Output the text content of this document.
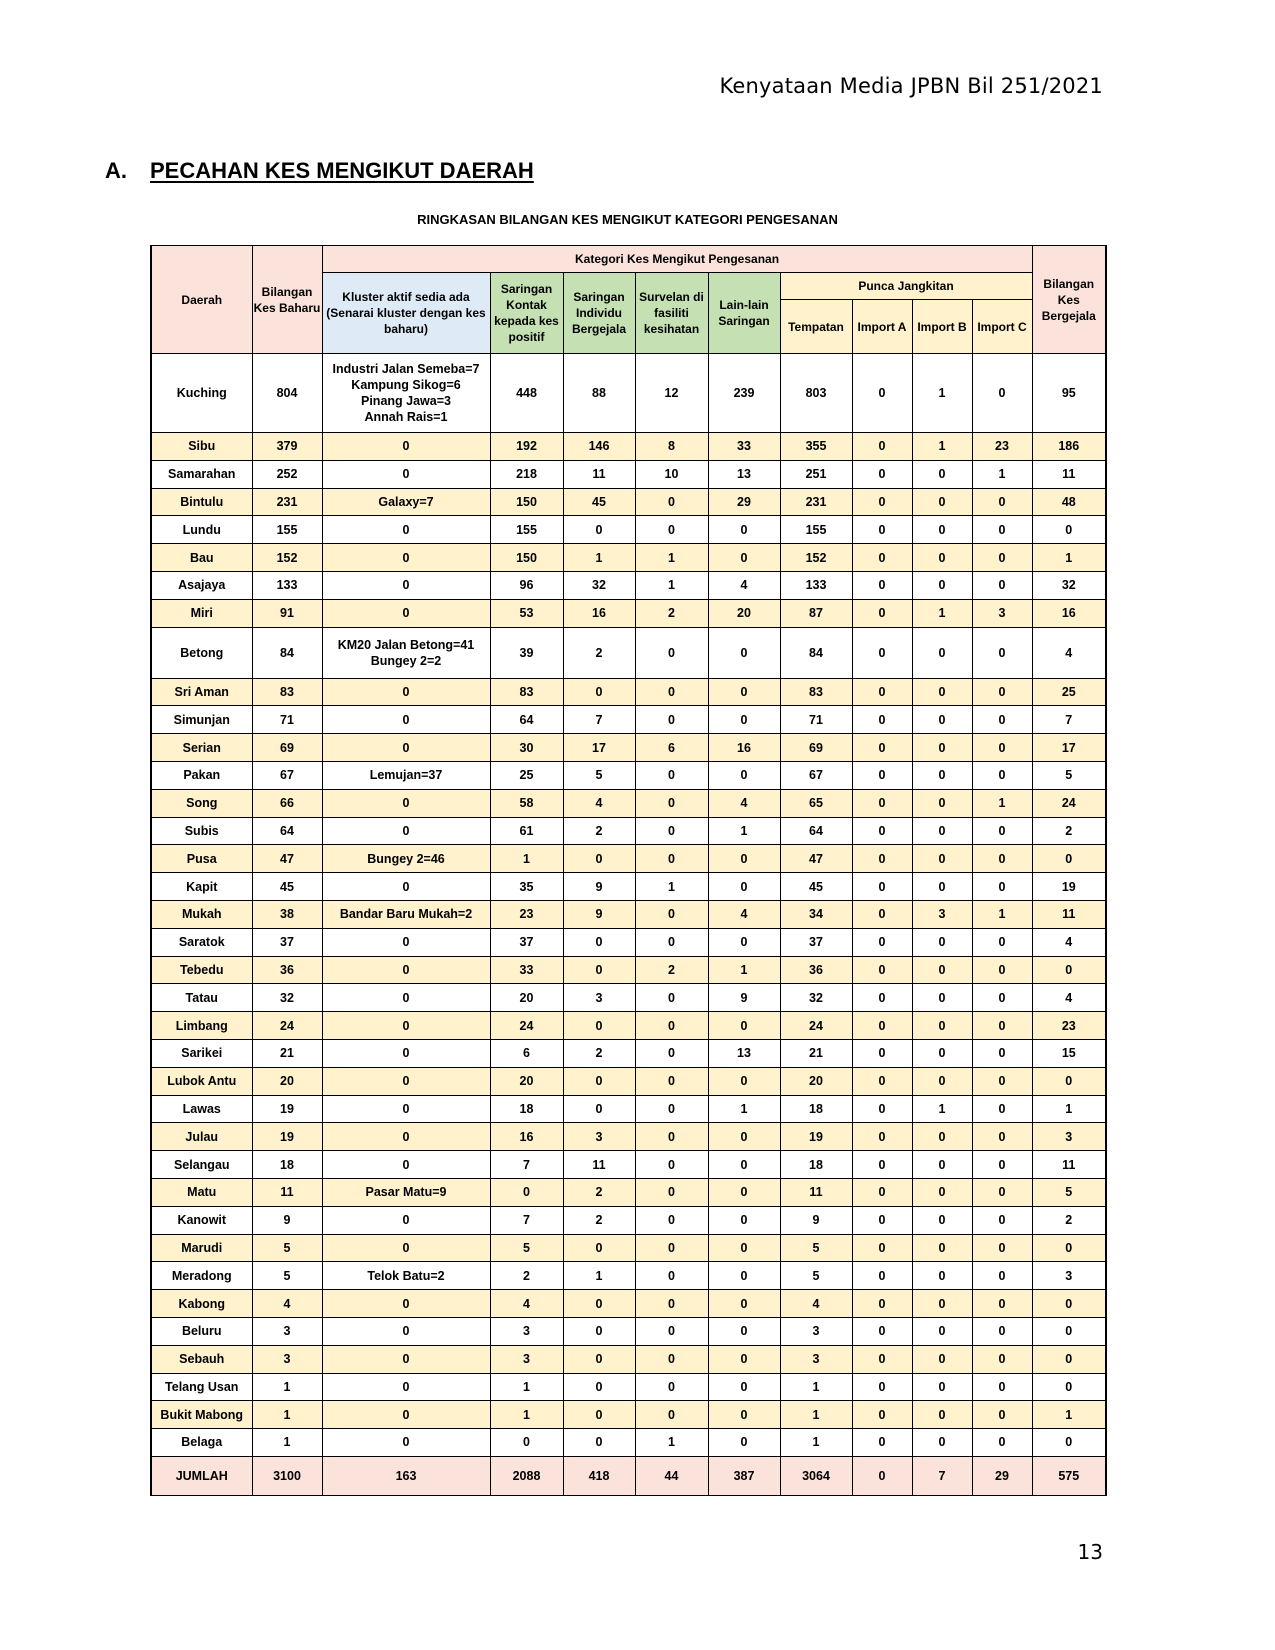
Kenyataan Media JPBN Bil 251/2021
A. PECAHAN KES MENGIKUT DAERAH
RINGKASAN BILANGAN KES MENGIKUT KATEGORI PENGESANAN
Daerah	Bilangan Kes Baharu	Kategori Kes Mengikut Pengesanan									Bilangan Kes Bergejala
		Kluster aktif sedia ada (Senarai kluster dengan kes baharu)	Saringan Kontak kepada kes positif	Saringan Individu Bergejala	Survelan di fasiliti kesihatan	Lain-lain Saringan	Punca Jangkitan				
							Tempatan	Import A	Import B	Import C	
Kuching	804	Industri Jalan Semeba=7
Kampung Sikog=6
Pinang Jawa=3
Annah Rais=1	448	88	12	239	803	0	1	0	95
Sibu	379	0	192	146	8	33	355	0	1	23	186
Samarahan	252	0	218	11	10	13	251	0	0	1	11
Bintulu	231	Galaxy=7	150	45	0	29	231	0	0	0	48
Lundu	155	0	155	0	0	0	155	0	0	0	0
Bau	152	0	150	1	1	0	152	0	0	0	1
Asajaya	133	0	96	32	1	4	133	0	0	0	32
Miri	91	0	53	16	2	20	87	0	1	3	16
Betong	84	KM20 Jalan Betong=41
Bungey 2=2	39	2	0	0	84	0	0	0	4
Sri Aman	83	0	83	0	0	0	83	0	0	0	25
Simunjan	71	0	64	7	0	0	71	0	0	0	7
Serian	69	0	30	17	6	16	69	0	0	0	17
Pakan	67	Lemujan=37	25	5	0	0	67	0	0	0	5
Song	66	0	58	4	0	4	65	0	0	1	24
Subis	64	0	61	2	0	1	64	0	0	0	2
Pusa	47	Bungey 2=46	1	0	0	0	47	0	0	0	0
Kapit	45	0	35	9	1	0	45	0	0	0	19
Mukah	38	Bandar Baru Mukah=2	23	9	0	4	34	0	3	1	11
Saratok	37	0	37	0	0	0	37	0	0	0	4
Tebedu	36	0	33	0	2	1	36	0	0	0	0
Tatau	32	0	20	3	0	9	32	0	0	0	4
Limbang	24	0	24	0	0	0	24	0	0	0	23
Sarikei	21	0	6	2	0	13	21	0	0	0	15
Lubok Antu	20	0	20	0	0	0	20	0	0	0	0
Lawas	19	0	18	0	0	1	18	0	1	0	1
Julau	19	0	16	3	0	0	19	0	0	0	3
Selangau	18	0	7	11	0	0	18	0	0	0	11
Matu	11	Pasar Matu=9	0	2	0	0	11	0	0	0	5
Kanowit	9	0	7	2	0	0	9	0	0	0	2
Marudi	5	0	5	0	0	0	5	0	0	0	0
Meradong	5	Telok Batu=2	2	1	0	0	5	0	0	0	3
Kabong	4	0	4	0	0	0	4	0	0	0	0
Beluru	3	0	3	0	0	0	3	0	0	0	0
Sebauh	3	0	3	0	0	0	3	0	0	0	0
Telang Usan	1	0	1	0	0	0	1	0	0	0	0
Bukit Mabong	1	0	1	0	0	0	1	0	0	0	1
Belaga	1	0	0	0	1	0	1	0	0	0	0
JUMLAH	3100	163	2088	418	44	387	3064	0	7	29	575
13
